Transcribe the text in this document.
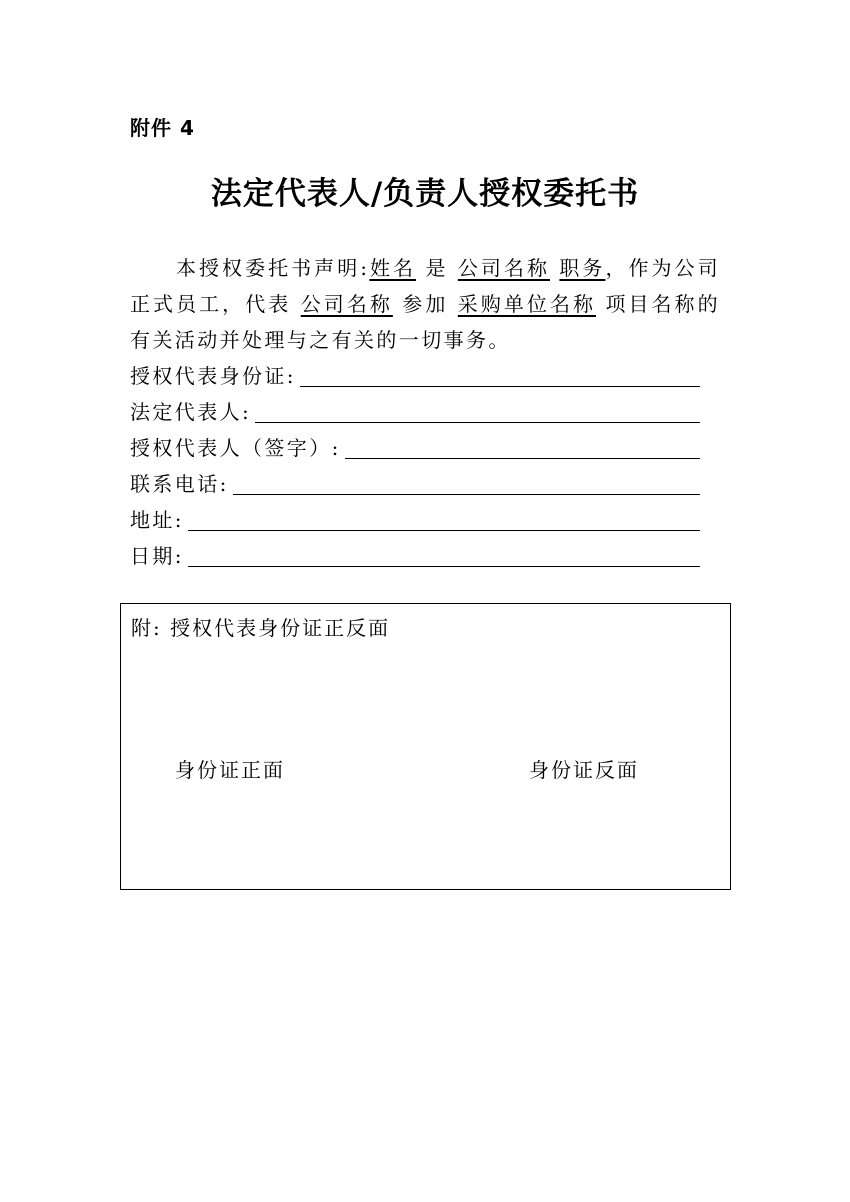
附件 4
法定代表人/负责人授权委托书

本授权委托书声明:姓名 是 公司名称 职务，作为公司正式员工，代表 公司名称 参加 采购单位名称 项目名称的有关活动并处理与之有关的一切事务。

授权代表身份证:
法定代表人:
授权代表人（签字）:
联系电话:
地址:
日期:
附: 授权代表身份证正反面
身份证正面	身份证反面
